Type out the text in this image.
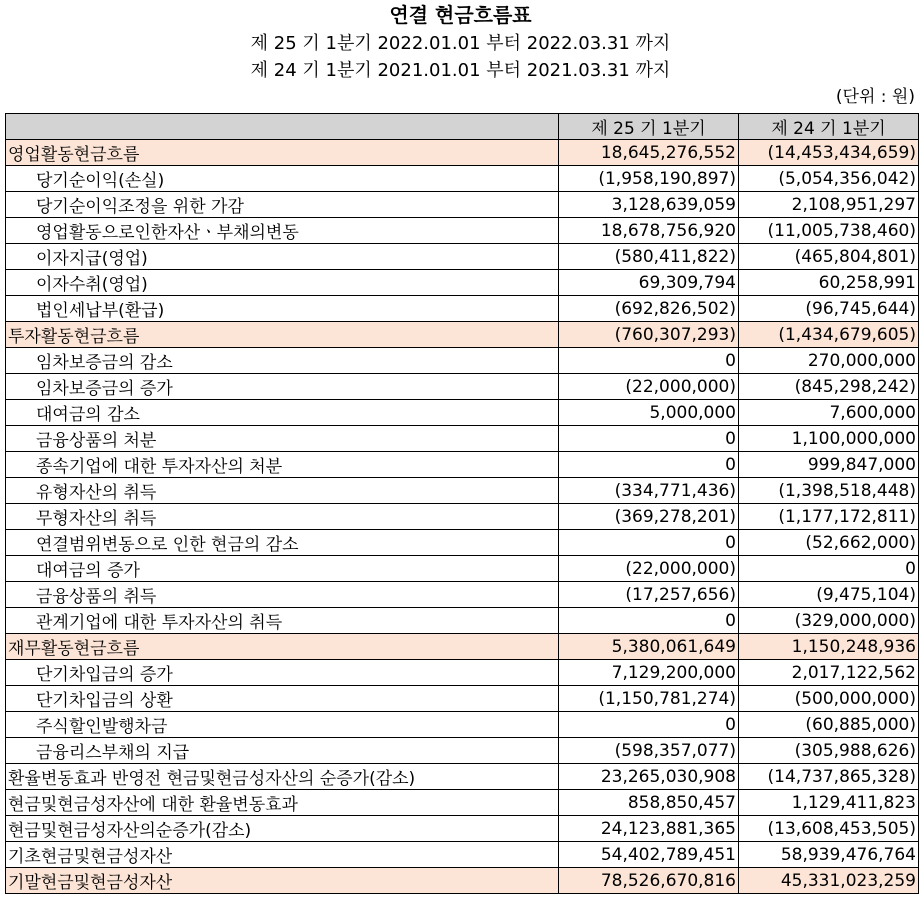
연결 현금흐름표
제 25 기 1분기 2022.01.01 부터 2022.03.31 까지
제 24 기 1분기 2021.01.01 부터 2021.03.31 까지
(단위 : 원)
	제 25 기 1분기	제 24 기 1분기
영업활동현금흐름	18,645,276,552	(14,453,434,659)
당기순이익(손실)	(1,958,190,897)	(5,054,356,042)
당기순이익조정을 위한 가감	3,128,639,059	2,108,951,297
영업활동으로인한자산ㆍ부채의변동	18,678,756,920	(11,005,738,460)
이자지급(영업)	(580,411,822)	(465,804,801)
이자수취(영업)	69,309,794	60,258,991
법인세납부(환급)	(692,826,502)	(96,745,644)
투자활동현금흐름	(760,307,293)	(1,434,679,605)
임차보증금의 감소	0	270,000,000
임차보증금의 증가	(22,000,000)	(845,298,242)
대여금의 감소	5,000,000	7,600,000
금융상품의 처분	0	1,100,000,000
종속기업에 대한 투자자산의 처분	0	999,847,000
유형자산의 취득	(334,771,436)	(1,398,518,448)
무형자산의 취득	(369,278,201)	(1,177,172,811)
연결범위변동으로 인한 현금의 감소	0	(52,662,000)
대여금의 증가	(22,000,000)	0
금융상품의 취득	(17,257,656)	(9,475,104)
관계기업에 대한 투자자산의 취득	0	(329,000,000)
재무활동현금흐름	5,380,061,649	1,150,248,936
단기차입금의 증가	7,129,200,000	2,017,122,562
단기차입금의 상환	(1,150,781,274)	(500,000,000)
주식할인발행차금	0	(60,885,000)
금융리스부채의 지급	(598,357,077)	(305,988,626)
환율변동효과 반영전 현금및현금성자산의 순증가(감소)	23,265,030,908	(14,737,865,328)
현금및현금성자산에 대한 환율변동효과	858,850,457	1,129,411,823
현금및현금성자산의순증가(감소)	24,123,881,365	(13,608,453,505)
기초현금및현금성자산	54,402,789,451	58,939,476,764
기말현금및현금성자산	78,526,670,816	45,331,023,259
